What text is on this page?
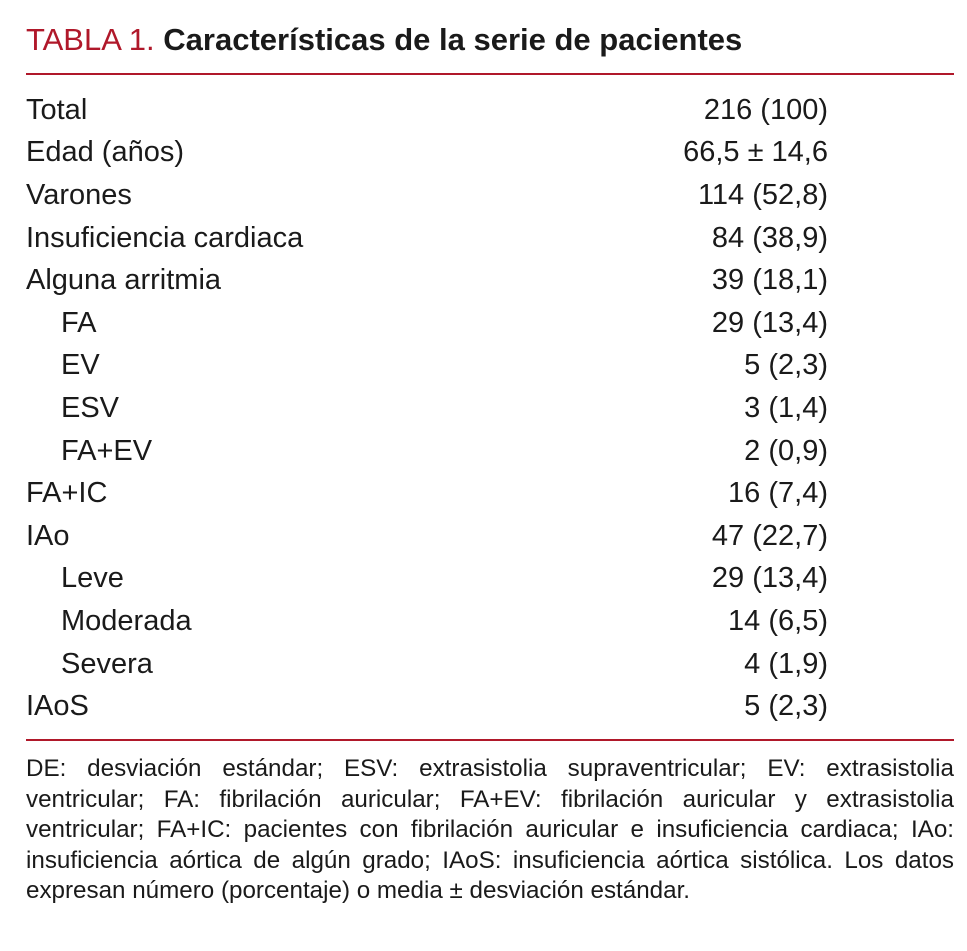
TABLA 1. Características de la serie de pacientes
Total	216 (100)
Edad (años)	66,5 ± 14,6
Varones	114 (52,8)
Insuficiencia cardiaca	84 (38,9)
Alguna arritmia	39 (18,1)
FA	29 (13,4)
EV	5 (2,3)
ESV	3 (1,4)
FA+EV	2 (0,9)
FA+IC	16 (7,4)
IAo	47 (22,7)
Leve	29 (13,4)
Moderada	14 (6,5)
Severa	4 (1,9)
IAoS	5 (2,3)
DE: desviación estándar; ESV: extrasistolia supraventricular; EV: extrasistolia ventricular; FA: fibrilación auricular; FA+EV: fibrilación auricular y extrasistolia ventricular; FA+IC: pacientes con fibrilación auricular e insuficiencia cardiaca; IAo: insuficiencia aórtica de algún grado; IAoS: insuficiencia aórtica sistólica. Los datos expresan número (porcentaje) o media ± desviación estándar.
